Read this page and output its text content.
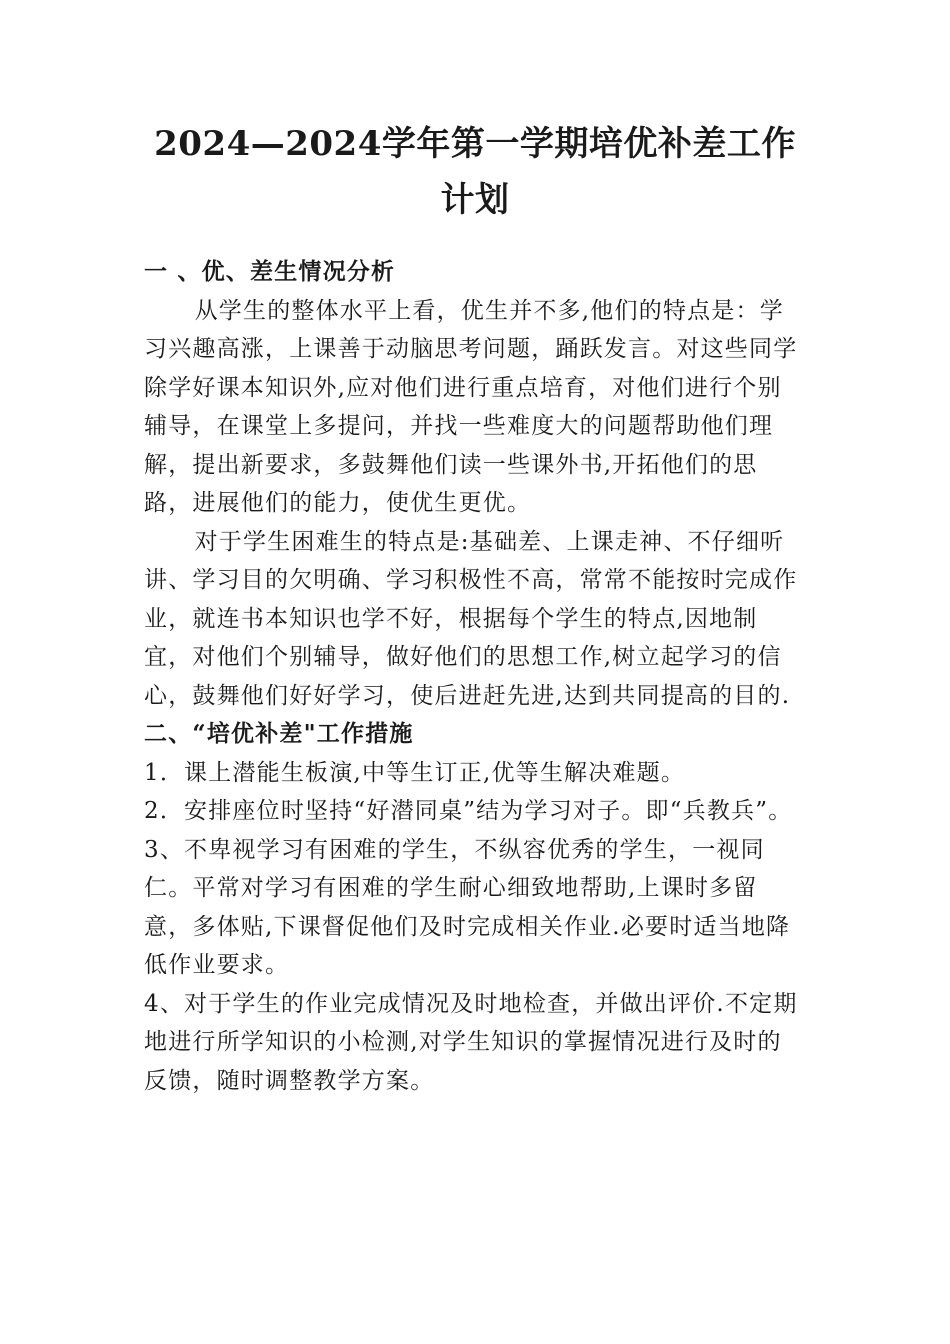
2024—2024学年第一学期培优补差工作计划

一 、优、差生情况分析

从学生的整体水平上看，优生并不多,他们的特点是：学习兴趣高涨，上课善于动脑思考问题，踊跃发言。对这些同学除学好课本知识外,应对他们进行重点培育，对他们进行个别辅导，在课堂上多提问，并找一些难度大的问题帮助他们理解，提出新要求，多鼓舞他们读一些课外书,开拓他们的思路，进展他们的能力，使优生更优。

对于学生困难生的特点是:基础差、上课走神、不仔细听讲、学习目的欠明确、学习积极性不高，常常不能按时完成作业，就连书本知识也学不好，根据每个学生的特点,因地制宜，对他们个别辅导，做好他们的思想工作,树立起学习的信心，鼓舞他们好好学习，使后进赶先进,达到共同提高的目的.

二、“培优补差"工作措施

1．课上潜能生板演,中等生订正,优等生解决难题。

2．安排座位时坚持“好潜同桌”结为学习对子。即“兵教兵”。

3、不卑视学习有困难的学生，不纵容优秀的学生，一视同仁。平常对学习有困难的学生耐心细致地帮助,上课时多留意，多体贴,下课督促他们及时完成相关作业.必要时适当地降低作业要求。

4、对于学生的作业完成情况及时地检查，并做出评价.不定期地进行所学知识的小检测,对学生知识的掌握情况进行及时的反馈，随时调整教学方案。
